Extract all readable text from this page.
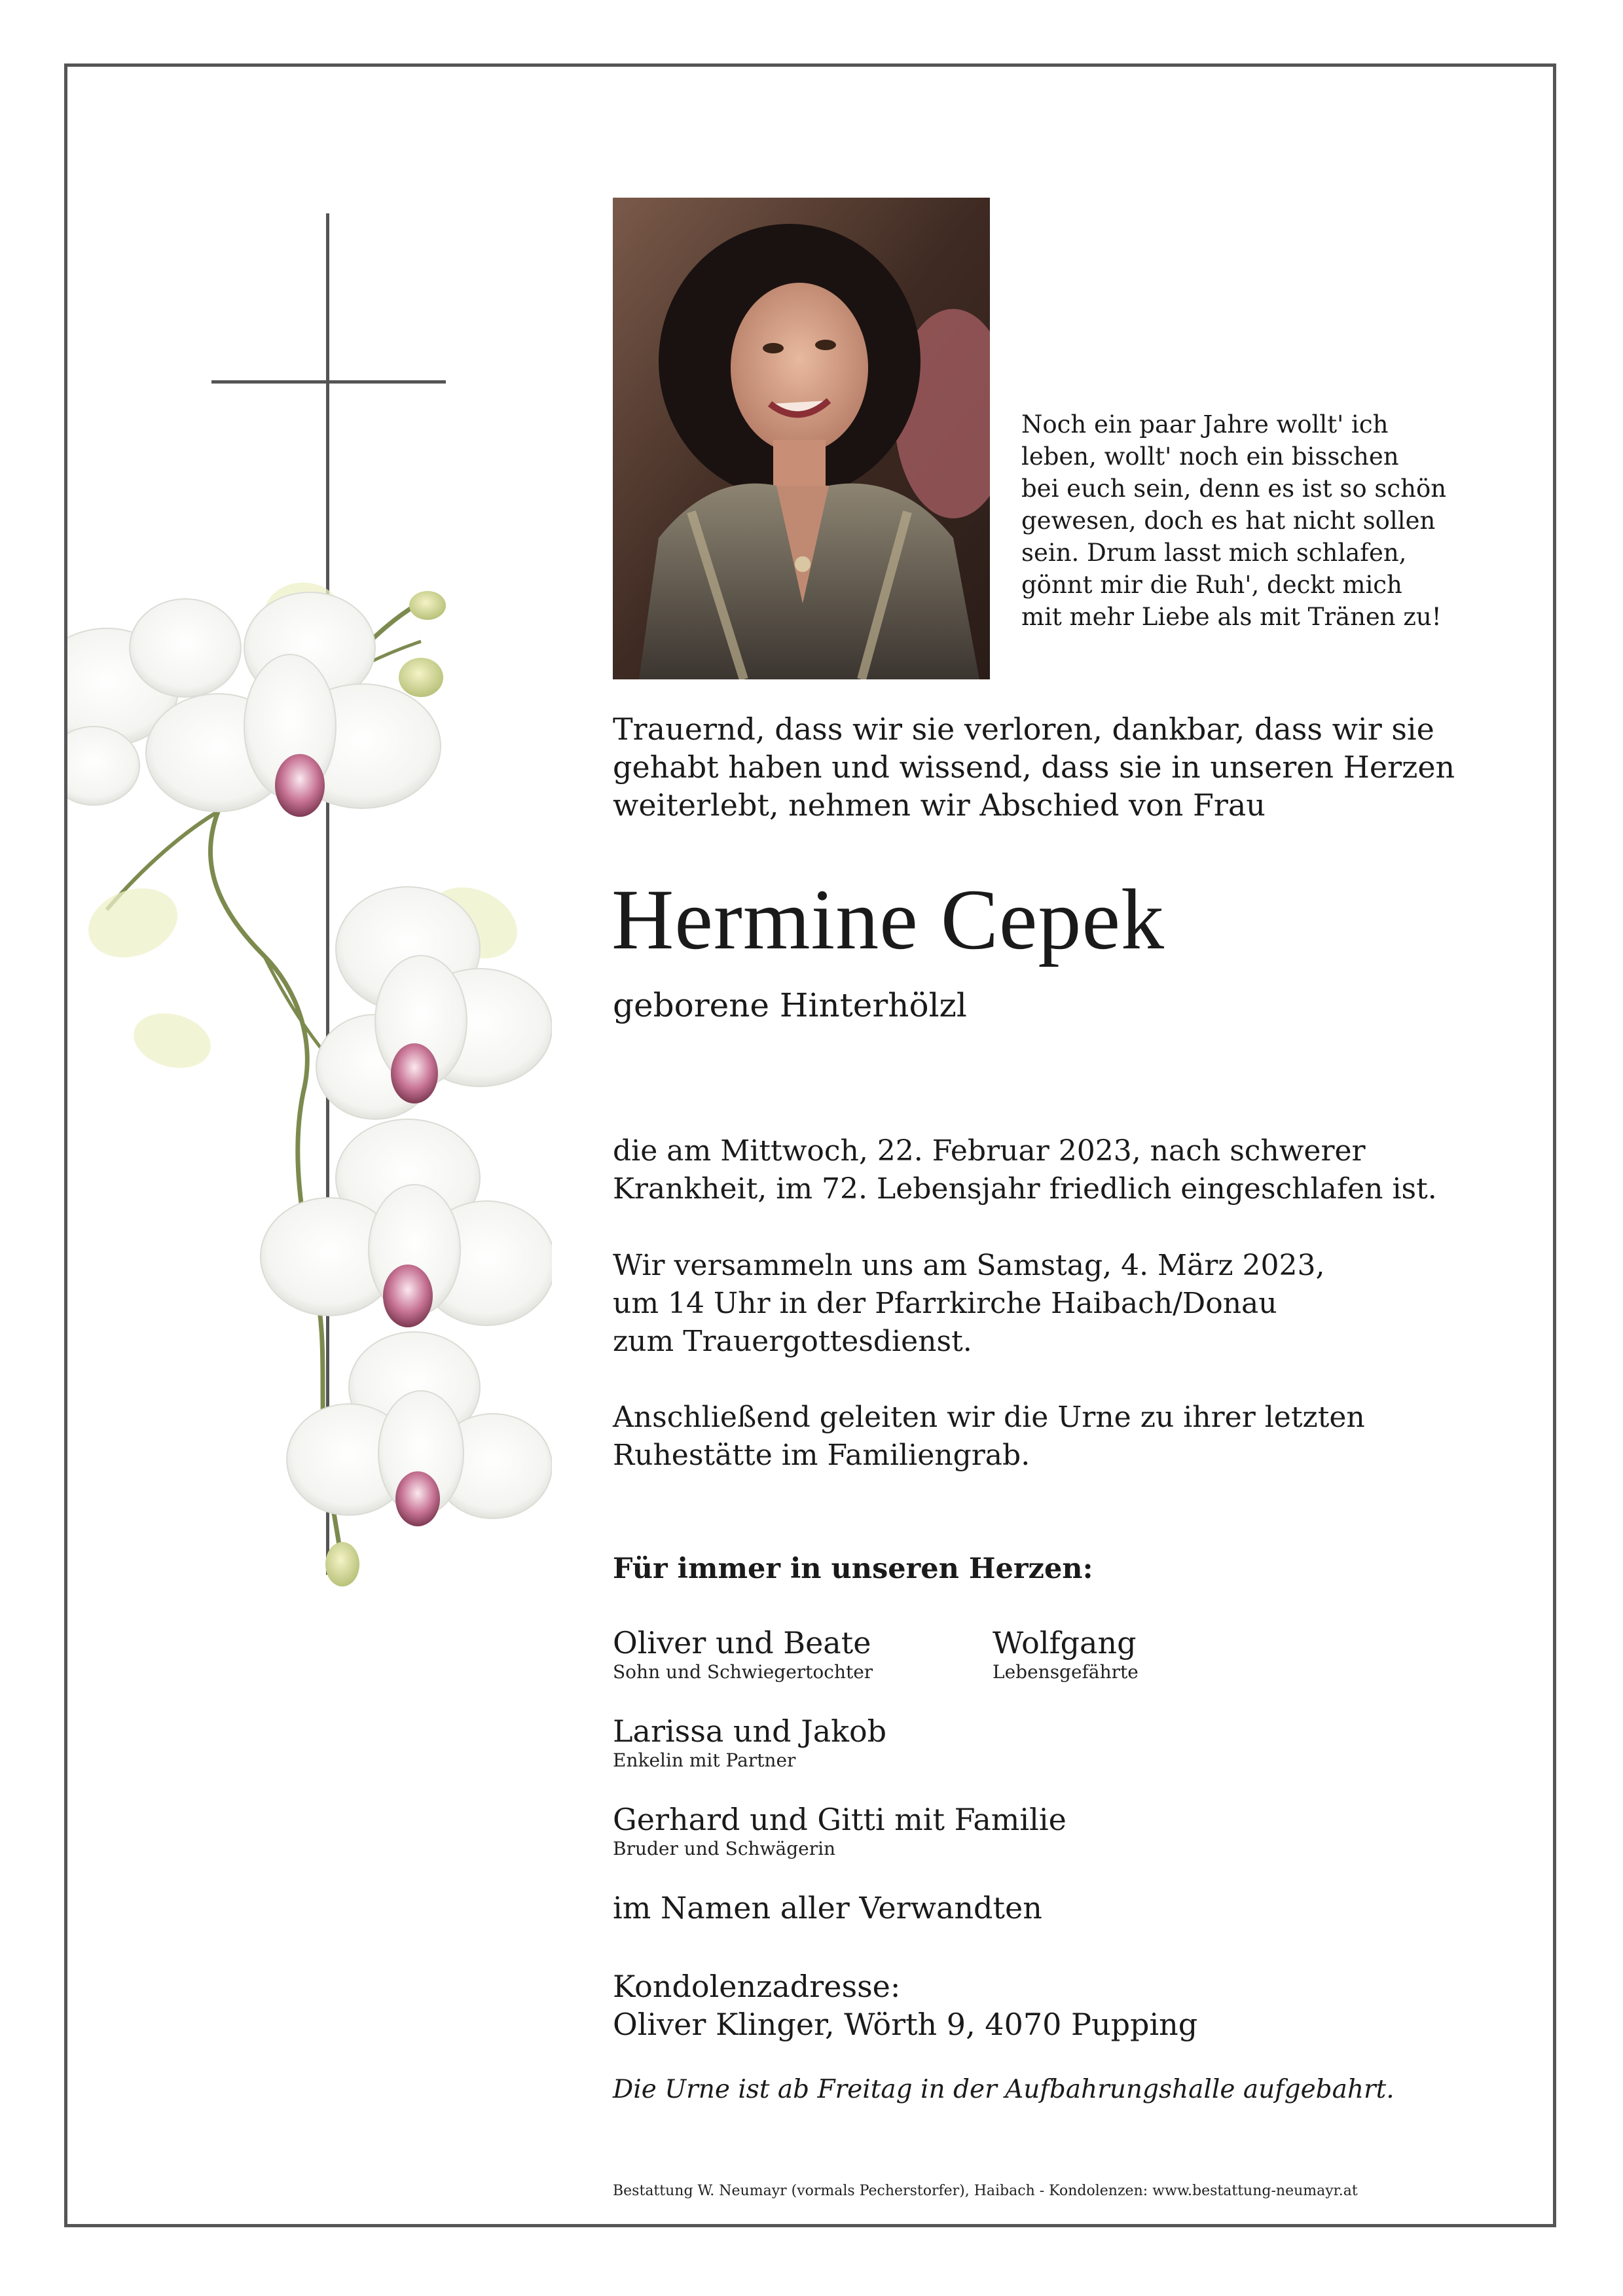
Noch ein paar Jahre wollt' ich
leben, wollt' noch ein bisschen
bei euch sein, denn es ist so schön
gewesen, doch es hat nicht sollen
sein. Drum lasst mich schlafen,
gönnt mir die Ruh', deckt mich
mit mehr Liebe als mit Tränen zu!
Trauernd, dass wir sie verloren, dankbar, dass wir sie
gehabt haben und wissend, dass sie in unseren Herzen
weiterlebt, nehmen wir Abschied von Frau
Hermine Cepek
geborene Hinterhölzl
die am Mittwoch, 22. Februar 2023, nach schwerer
Krankheit, im 72. Lebensjahr friedlich eingeschlafen ist.
Wir versammeln uns am Samstag, 4. März 2023,
um 14 Uhr in der Pfarrkirche Haibach/Donau
zum Trauergottesdienst.
Anschließend geleiten wir die Urne zu ihrer letzten
Ruhestätte im Familiengrab.
Für immer in unseren Herzen:
Oliver und Beate
Sohn und Schwiegertochter
Wolfgang
Lebensgefährte
Larissa und Jakob
Enkelin mit Partner
Gerhard und Gitti mit Familie
Bruder und Schwägerin
im Namen aller Verwandten
Kondolenzadresse:
Oliver Klinger, Wörth 9, 4070 Pupping
Die Urne ist ab Freitag in der Aufbahrungshalle aufgebahrt.
Bestattung W. Neumayr (vormals Pecherstorfer), Haibach - Kondolenzen: www.bestattung-neumayr.at
